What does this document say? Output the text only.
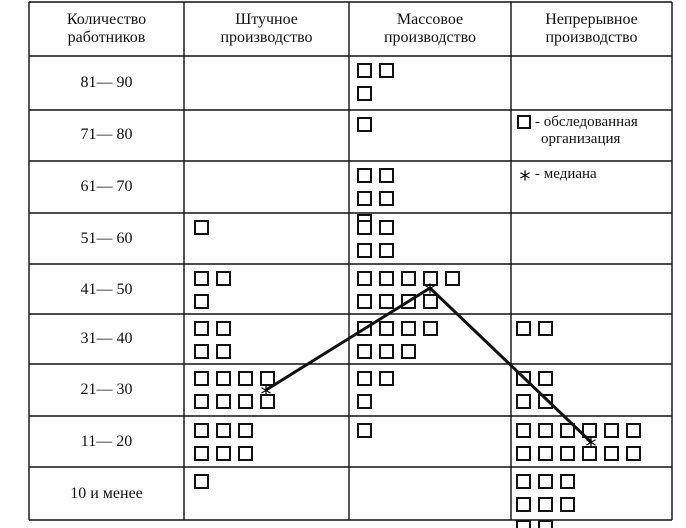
*
*
*
*
Количество
работников
Штучное
производство
Массовое
производство
Непрерывное
производство
81— 90
71— 80
61— 70
51— 60
41— 50
31— 40
21— 30
11— 20
10 и менее
- обследованная
организация
- медиана
